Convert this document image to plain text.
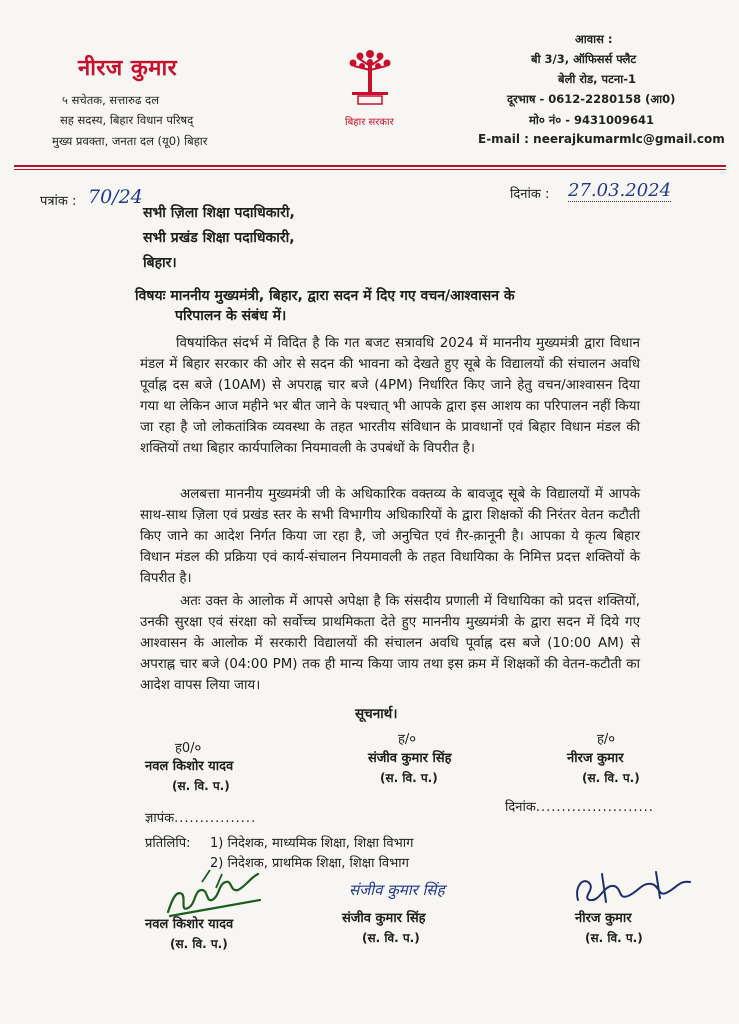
नीरज कुमार
५ सचेतक, सत्तारुढ दल
सह सदस्य, बिहार विधान परिषद्
मुख्य प्रवक्ता, जनता दल (यू0) बिहार
बिहार सरकार
आवास :
बी 3/3, ऑफिसर्स फ्लैट
बेली रोड, पटना-1
दूरभाष - 0612-2280158 (आ0)
मो० नं० - 9431009641
E-mail : neerajkumarmlc@gmail.com
पत्रांक : 70/24	दिनांक : 27.03.2024
सभी ज़िला शिक्षा पदाधिकारी,
सभी प्रखंड शिक्षा पदाधिकारी,
बिहार।
विषयः माननीय मुख्यमंत्री, बिहार, द्वारा सदन में दिए गए वचन/आश्वासन के
परिपालन के संबंध में।
विषयांकित संदर्भ में विदित है कि गत बजट सत्रावधि 2024 में माननीय मुख्यमंत्री द्वारा विधान मंडल में बिहार सरकार की ओर से सदन की भावना को देखते हुए सूबे के विद्यालयों की संचालन अवधि पूर्वाह्न दस बजे (10AM) से अपराह्न चार बजे (4PM) निर्धारित किए जाने हेतु वचन/आश्वासन दिया गया था लेकिन आज महीने भर बीत जाने के पश्चात् भी आपके द्वारा इस आशय का परिपालन नहीं किया जा रहा है जो लोकतांत्रिक व्यवस्था के तहत भारतीय संविधान के प्रावधानों एवं बिहार विधान मंडल की शक्तियों तथा बिहार कार्यपालिका नियमावली के उपबंधों के विपरीत है।
अलबत्ता माननीय मुख्यमंत्री जी के अधिकारिक वक्तव्य के बावजूद सूबे के विद्यालयों में आपके साथ-साथ ज़िला एवं प्रखंड स्तर के सभी विभागीय अधिकारियों के द्वारा शिक्षकों की निरंतर वेतन कटौती किए जाने का आदेश निर्गत किया जा रहा है, जो अनुचित एवं ग़ैर-क़ानूनी है। आपका ये कृत्य बिहार विधान मंडल की प्रक्रिया एवं कार्य-संचालन नियमावली के तहत विधायिका के निमित्त प्रदत्त शक्तियों के विपरीत है।
अतः उक्त के आलोक में आपसे अपेक्षा है कि संसदीय प्रणाली में विधायिका को प्रदत्त शक्तियों, उनकी सुरक्षा एवं संरक्षा को सर्वोच्च प्राथमिकता देते हुए माननीय मुख्यमंत्री के द्वारा सदन में दिये गए आश्वासन के आलोक में सरकारी विद्यालयों की संचालन अवधि पूर्वाह्न दस बजे (10:00 AM) से अपराह्न चार बजे (04:00 PM) तक ही मान्य किया जाय तथा इस क्रम में शिक्षकों की वेतन-कटौती का आदेश वापस लिया जाय।
सूचनार्थ।
ह0/०
नवल किशोर यादव
(स. वि. प.)
ह/०
संजीव कुमार सिंह
(स. वि. प.)
ह/०
नीरज कुमार
(स. वि. प.)
ज्ञापंक................
दिनांक.......................
प्रतिलिपि: 1) निदेशक, माध्यमिक शिक्षा, शिक्षा विभाग
2) निदेशक, प्राथमिक शिक्षा, शिक्षा विभाग
संजीव कुमार सिंह
नवल किशोर यादव
(स. वि. प.)
संजीव कुमार सिंह
(स. वि. प.)
नीरज कुमार
(स. वि. प.)
